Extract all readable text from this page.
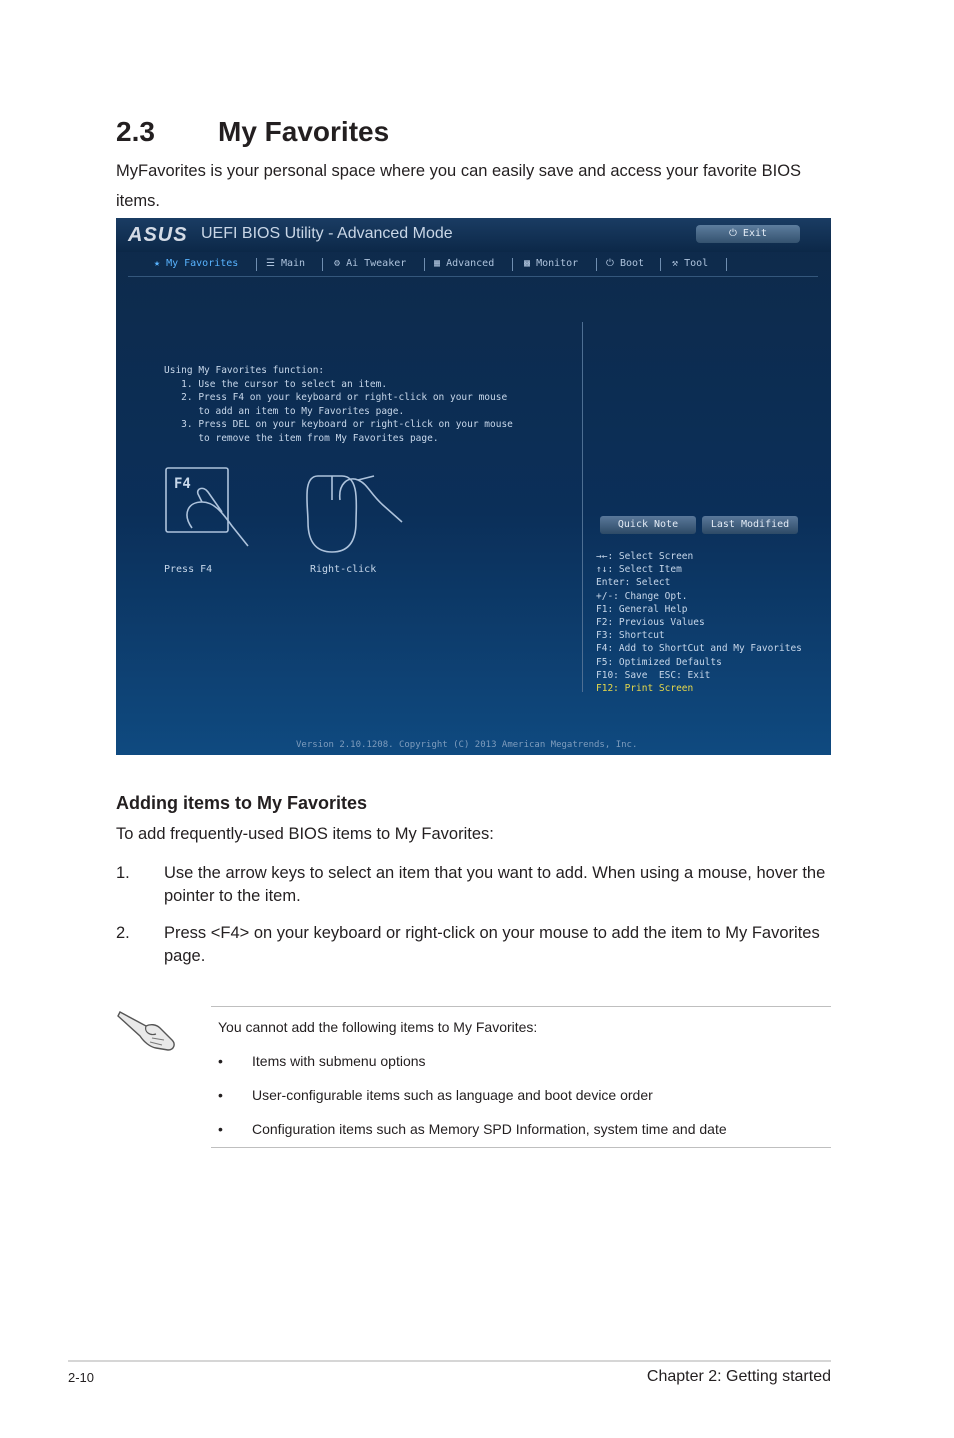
2.3 My Favorites
MyFavorites is your personal space where you can easily save and access your favorite BIOS items.
ASUS UEFI BIOS Utility - Advanced Mode	⏻ Exit
★ My Favorites	☰ Main	⚙ Ai Tweaker	▦ Advanced	▩ Monitor	⏻ Boot	⚒ Tool
Using My Favorites function:
1. Use the cursor to select an item.
2. Press F4 on your keyboard or right-click on your mouse
to add an item to My Favorites page.
3. Press DEL on your keyboard or right-click on your mouse
to remove the item from My Favorites page.
F4
Press F4	Right-click
Quick Note	Last Modified
→←: Select Screen
↑↓: Select Item
Enter: Select
+/-: Change Opt.
F1: General Help
F2: Previous Values
F3: Shortcut
F4: Add to ShortCut and My Favorites
F5: Optimized Defaults
F10: Save  ESC: Exit
F12: Print Screen
Version 2.10.1208. Copyright (C) 2013 American Megatrends, Inc.
Adding items to My Favorites
To add frequently-used BIOS items to My Favorites:
1. Use the arrow keys to select an item that you want to add. When using a mouse, hover the pointer to the item.
2. Press <F4> on your keyboard or right-click on your mouse to add the item to My Favorites page.
You cannot add the following items to My Favorites:
• Items with submenu options
• User-configurable items such as language and boot device order
• Configuration items such as Memory SPD Information, system time and date
2-10	Chapter 2: Getting started
